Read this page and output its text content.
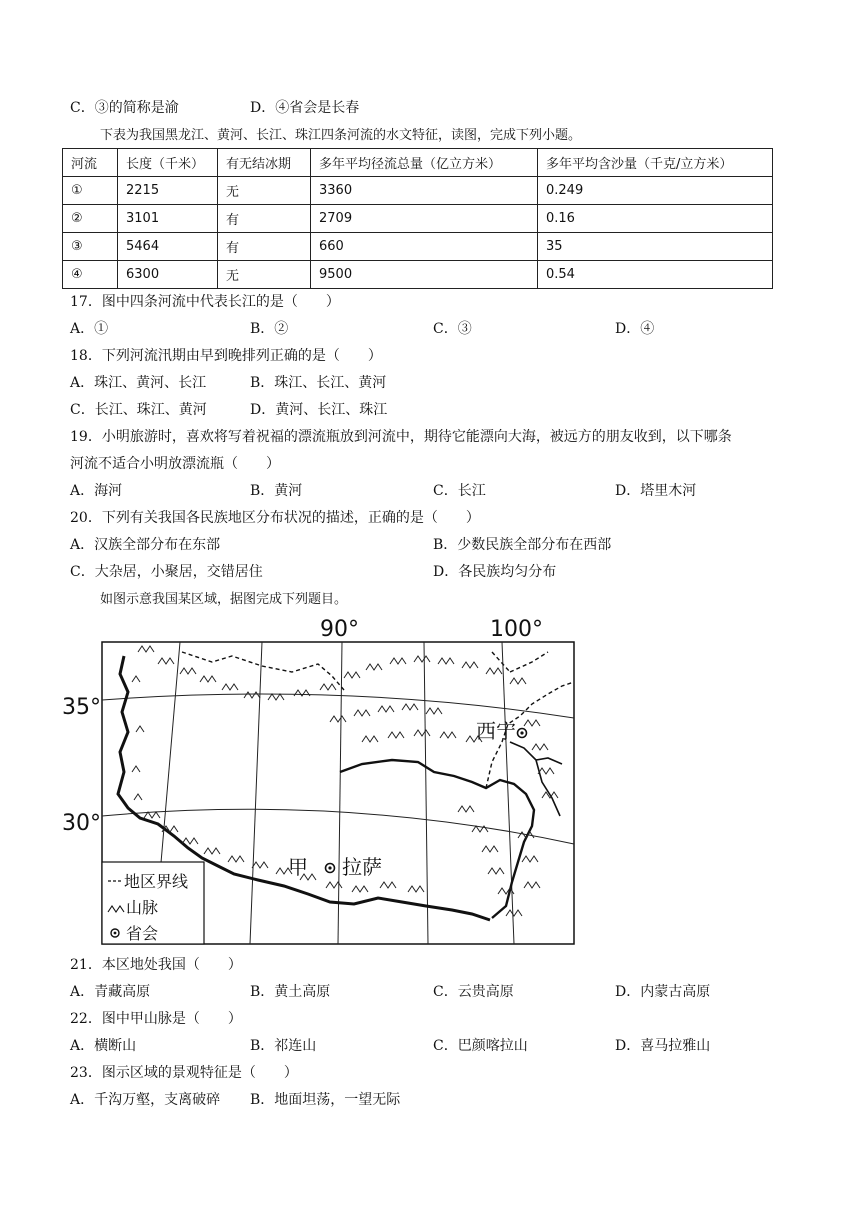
C．③的简称是渝	D．④省会是长春
下表为我国黑龙江、黄河、长江、珠江四条河流的水文特征，读图，完成下列小题。
河流	长度（千米）	有无结冰期	多年平均径流总量（亿立方米）	多年平均含沙量（千克/立方米）
①	2215	无	3360	0.249
②	3101	有	2709	0.16
③	5464	有	660	35
④	6300	无	9500	0.54
17．图中四条河流中代表长江的是（　　）
A．①	B．②	C．③	D．④
18．下列河流汛期由早到晚排列正确的是（　　）
A．珠江、黄河、长江	B．珠江、长江、黄河
C．长江、珠江、黄河	D．黄河、长江、珠江
19．小明旅游时，喜欢将写着祝福的漂流瓶放到河流中，期待它能漂向大海，被远方的朋友收到，以下哪条
河流不适合小明放漂流瓶（　　）
A．海河	B．黄河	C．长江	D．塔里木河
20．下列有关我国各民族地区分布状况的描述，正确的是（　　）
A．汉族全部分布在东部	B．少数民族全部分布在西部
C．大杂居，小聚居，交错居住	D．各民族均匀分布
如图示意我国某区域，据图完成下列题目。
90°	100°
35°
30°
西宁
甲 拉萨
地区界线
山脉
省会
21．本区地处我国（　　）
A．青藏高原	B．黄土高原	C．云贵高原	D．内蒙古高原
22．图中甲山脉是（　　）
A．横断山	B．祁连山	C．巴颜喀拉山	D．喜马拉雅山
23．图示区域的景观特征是（　　）
A．千沟万壑，支离破碎 B．地面坦荡，一望无际
